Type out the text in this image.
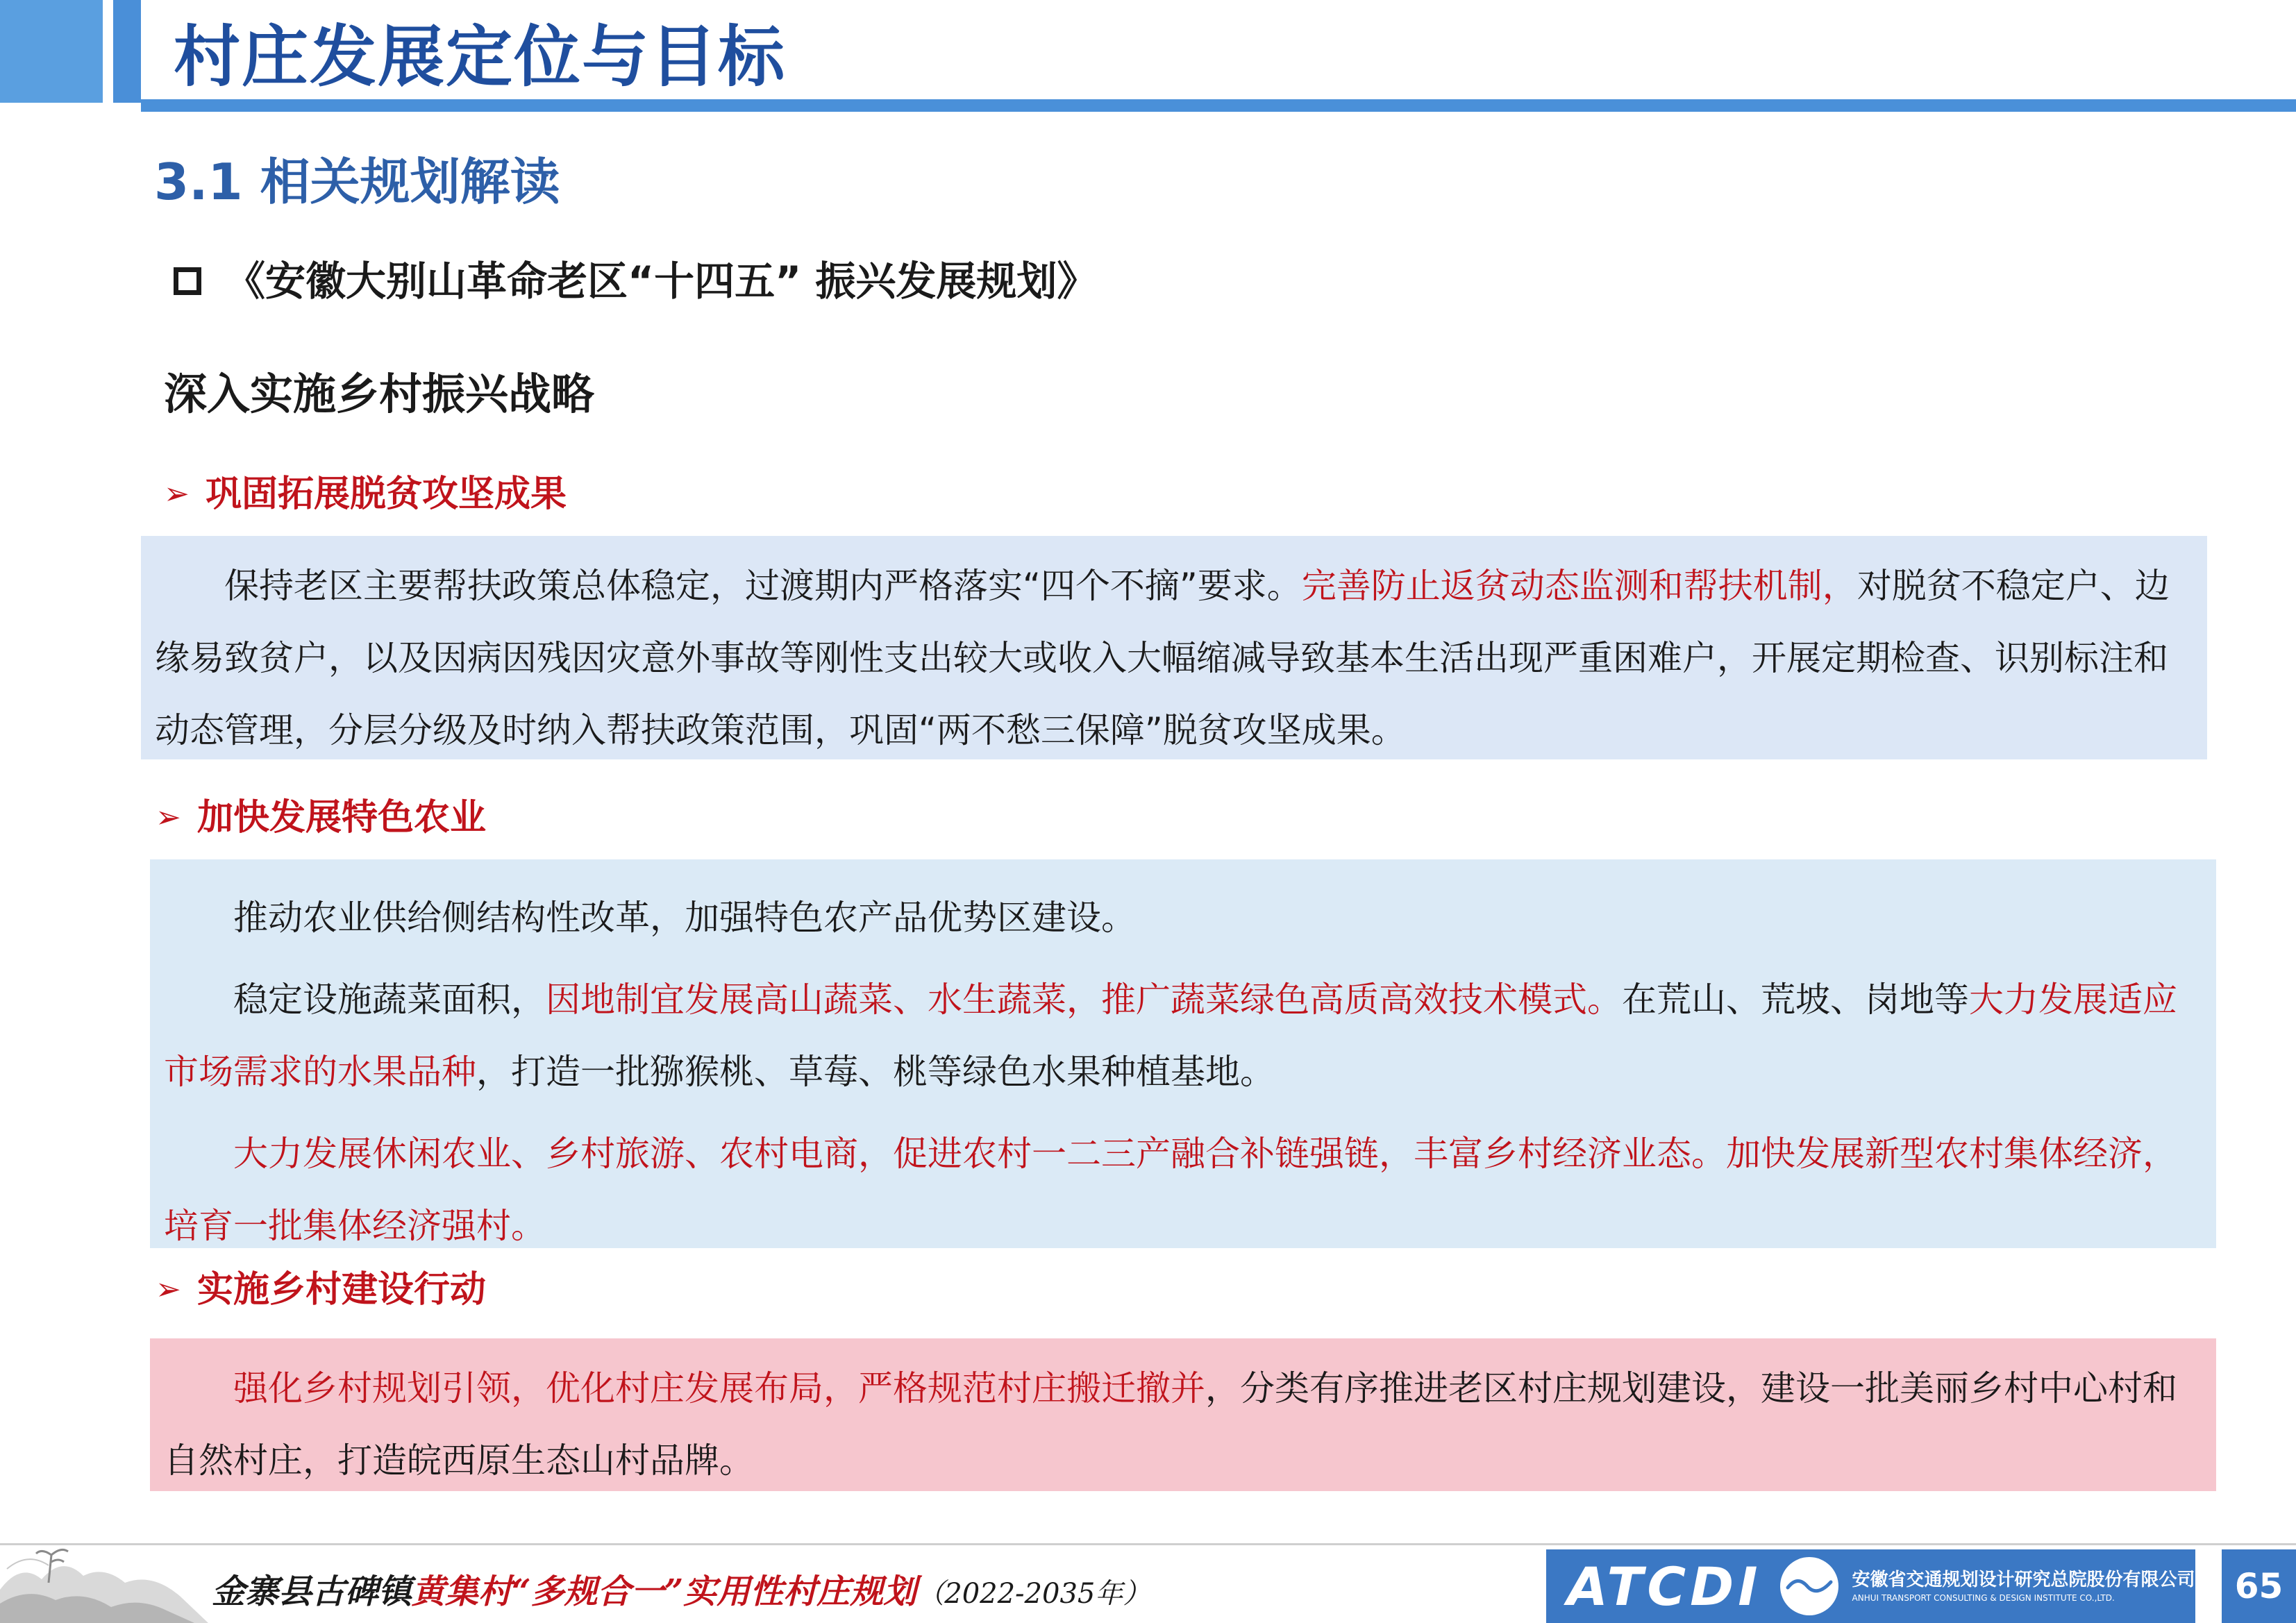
村庄发展定位与目标
3.1 相关规划解读
《安徽大别山革命老区“十四五” 振兴发展规划》
深入实施乡村振兴战略
➢ 巩固拓展脱贫攻坚成果

保持老区主要帮扶政策总体稳定，过渡期内严格落实“四个不摘”要求。完善防止返贫动态监测和帮扶机制，对脱贫不稳定户、边缘易致贫户，以及因病因残因灾意外事故等刚性支出较大或收入大幅缩减导致基本生活出现严重困难户，开展定期检查、识别标注和动态管理，分层分级及时纳入帮扶政策范围，巩固“两不愁三保障”脱贫攻坚成果。

➢ 加快发展特色农业

推动农业供给侧结构性改革，加强特色农产品优势区建设。

稳定设施蔬菜面积，因地制宜发展高山蔬菜、水生蔬菜，推广蔬菜绿色高质高效技术模式。在荒山、荒坡、岗地等大力发展适应市场需求的水果品种，打造一批猕猴桃、草莓、桃等绿色水果种植基地。

大力发展休闲农业、乡村旅游、农村电商，促进农村一二三产融合补链强链，丰富乡村经济业态。加快发展新型农村集体经济，培育一批集体经济强村。

➢ 实施乡村建设行动

强化乡村规划引领，优化村庄发展布局，严格规范村庄搬迁撤并，分类有序推进老区村庄规划建设，建设一批美丽乡村中心村和自然村庄，打造皖西原生态山村品牌。

金寨县古碑镇黄集村“多规合一”实用性村庄规划（2022-2035年）	ATCDI	安徽省交通规划设计研究总院股份有限公司
ANHUI TRANSPORT CONSULTING & DESIGN INSTITUTE CO.,LTD.	65
